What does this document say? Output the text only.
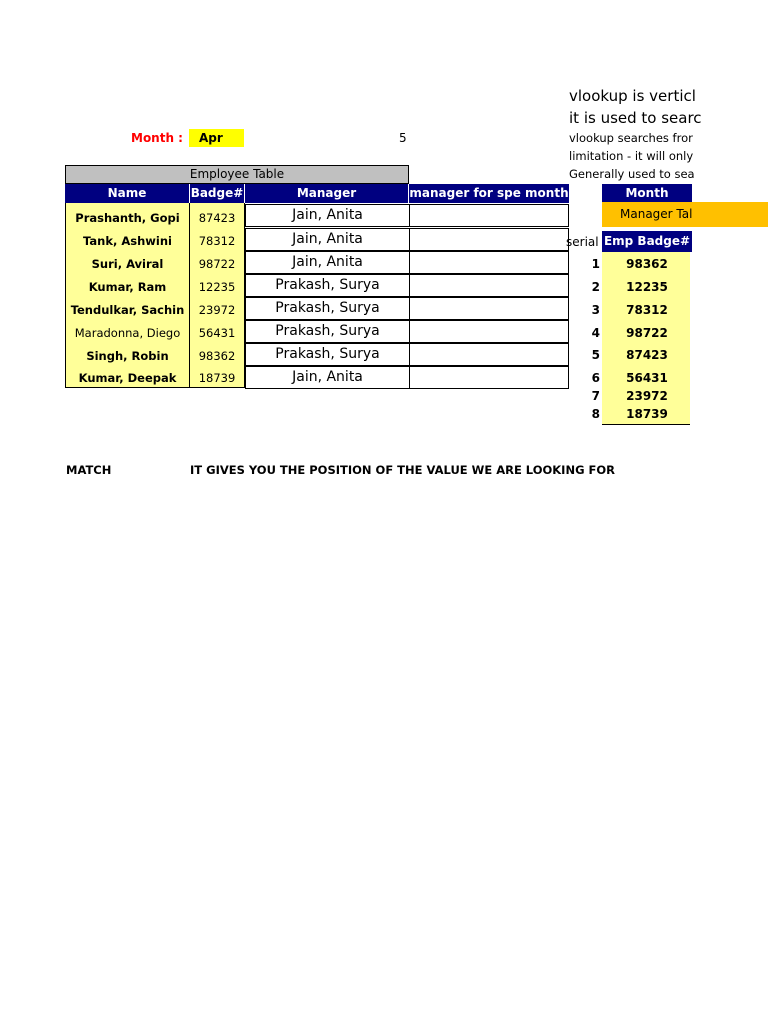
Month :	Apr	5
vlookup is verticl
it is used to searc
vlookup searches fror
limitation - it will only
Generally used to sea
Employee Table
Name	Badge#	Manager	manager for spe month
Prashanth, Gopi	87423	Jain, Anita
Tank, Ashwini	78312	Jain, Anita
Suri, Aviral	98722	Jain, Anita
Kumar, Ram	12235	Prakash, Surya
Tendulkar, Sachin	23972	Prakash, Surya
Maradonna, Diego	56431	Prakash, Surya
Singh, Robin	98362	Prakash, Surya
Kumar, Deepak	18739	Jain, Anita
Month
Manager Tal
serial Emp Badge#
1	98362
2	12235
3	78312
4	98722
5	87423
6	56431
7	23972
8	18739
MATCH	IT GIVES YOU THE POSITION OF THE VALUE WE ARE LOOKING FOR
